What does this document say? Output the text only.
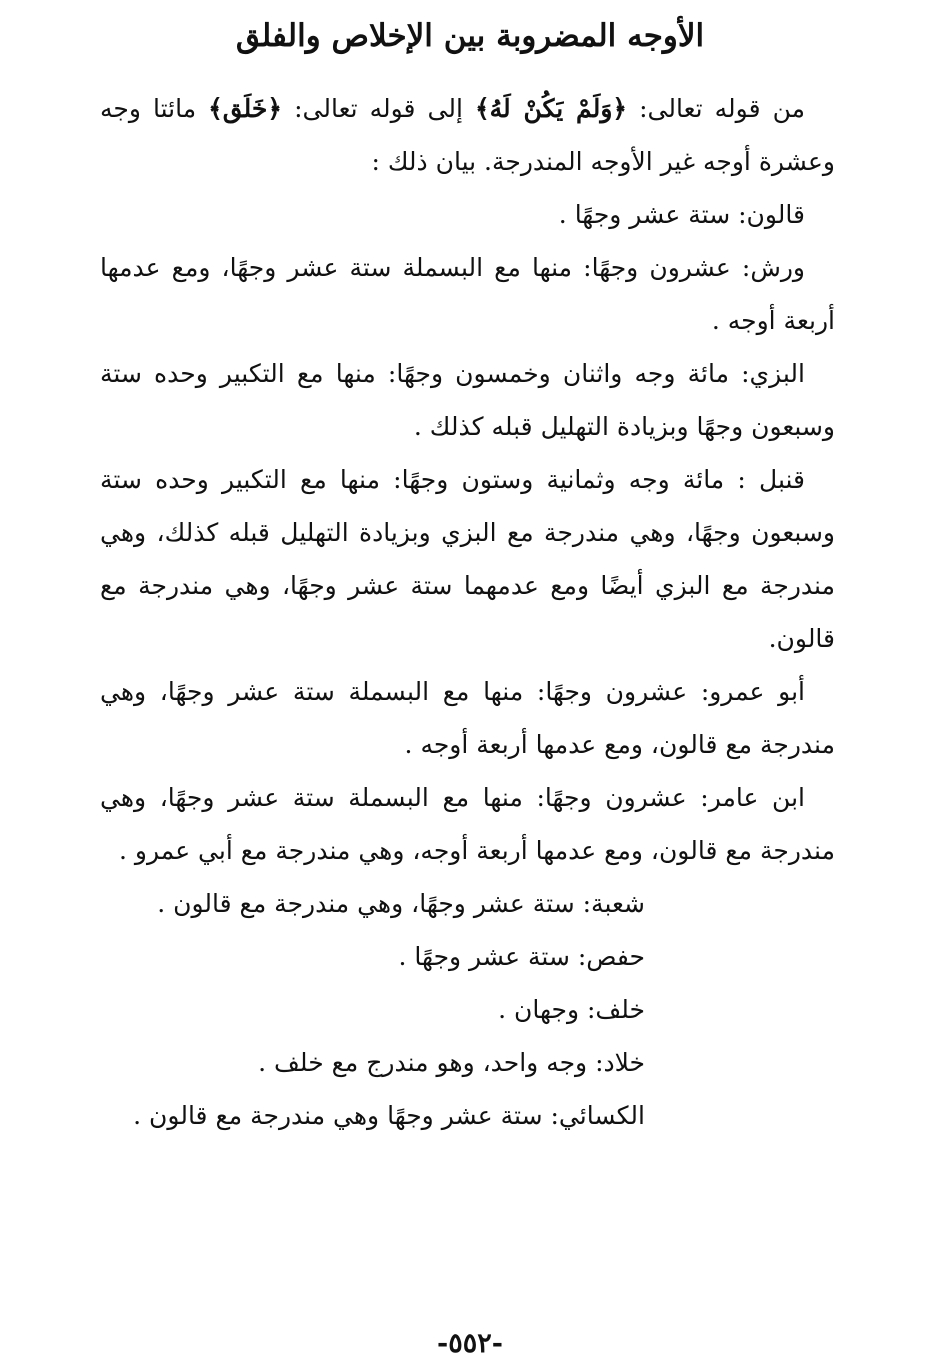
الأوجه المضروبة بين الإخلاص والفلق

من قوله تعالى: ﴿وَلَمْ يَكُنْ لَهُ﴾ إلى قوله تعالى: ﴿خَلَق﴾ مائتا وجه وعشرة أوجه غير الأوجه المندرجة. بيان ذلك :

قالون: ستة عشر وجهًا .

ورش: عشرون وجهًا: منها مع البسملة ستة عشر وجهًا، ومع عدمها أربعة أوجه .

البزي: مائة وجه واثنان وخمسون وجهًا: منها مع التكبير وحده ستة وسبعون وجهًا وبزيادة التهليل قبله كذلك .

قنبل : مائة وجه وثمانية وستون وجهًا: منها مع التكبير وحده ستة وسبعون وجهًا، وهي مندرجة مع البزي وبزيادة التهليل قبله كذلك، وهي مندرجة مع البزي أيضًا ومع عدمهما ستة عشر وجهًا، وهي مندرجة مع قالون.

أبو عمرو: عشرون وجهًا: منها مع البسملة ستة عشر وجهًا، وهي مندرجة مع قالون، ومع عدمها أربعة أوجه .

ابن عامر: عشرون وجهًا: منها مع البسملة ستة عشر وجهًا، وهي مندرجة مع قالون، ومع عدمها أربعة أوجه، وهي مندرجة مع أبي عمرو .

شعبة: ستة عشر وجهًا، وهي مندرجة مع قالون .

حفص: ستة عشر وجهًا .

خلف: وجهان .

خلاد: وجه واحد، وهو مندرج مع خلف .

الكسائي: ستة عشر وجهًا وهي مندرجة مع قالون .

-٥٥٢-
